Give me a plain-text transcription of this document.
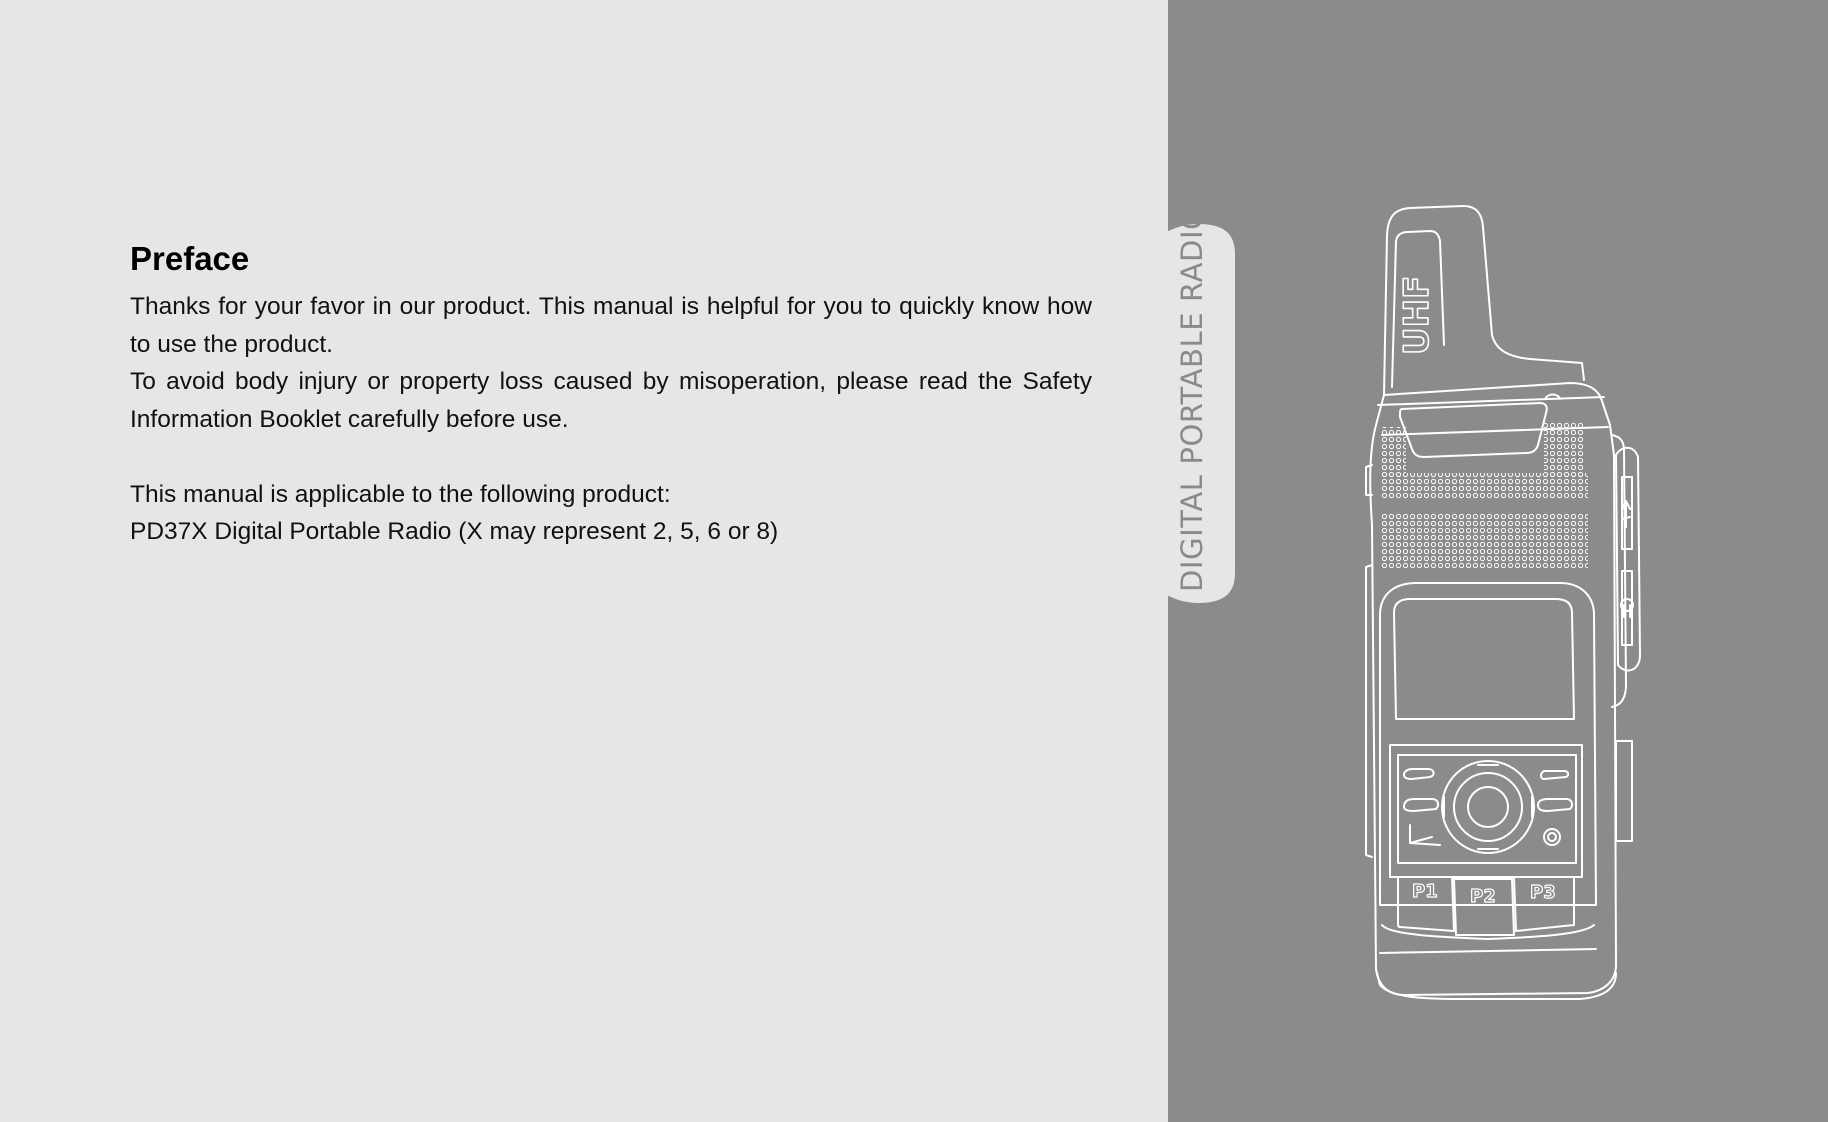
Preface

Thanks for your favor in our product. This manual is helpful for you to quickly know how to use the product.

To avoid body injury or property loss caused by misoperation, please read the Safety Information Booklet carefully before use.

This manual is applicable to the following product:

PD37X Digital Portable Radio (X may represent 2, 5, 6 or 8)	DIGITAL PORTABLE RADIO	UHF
P1 P2 P3
